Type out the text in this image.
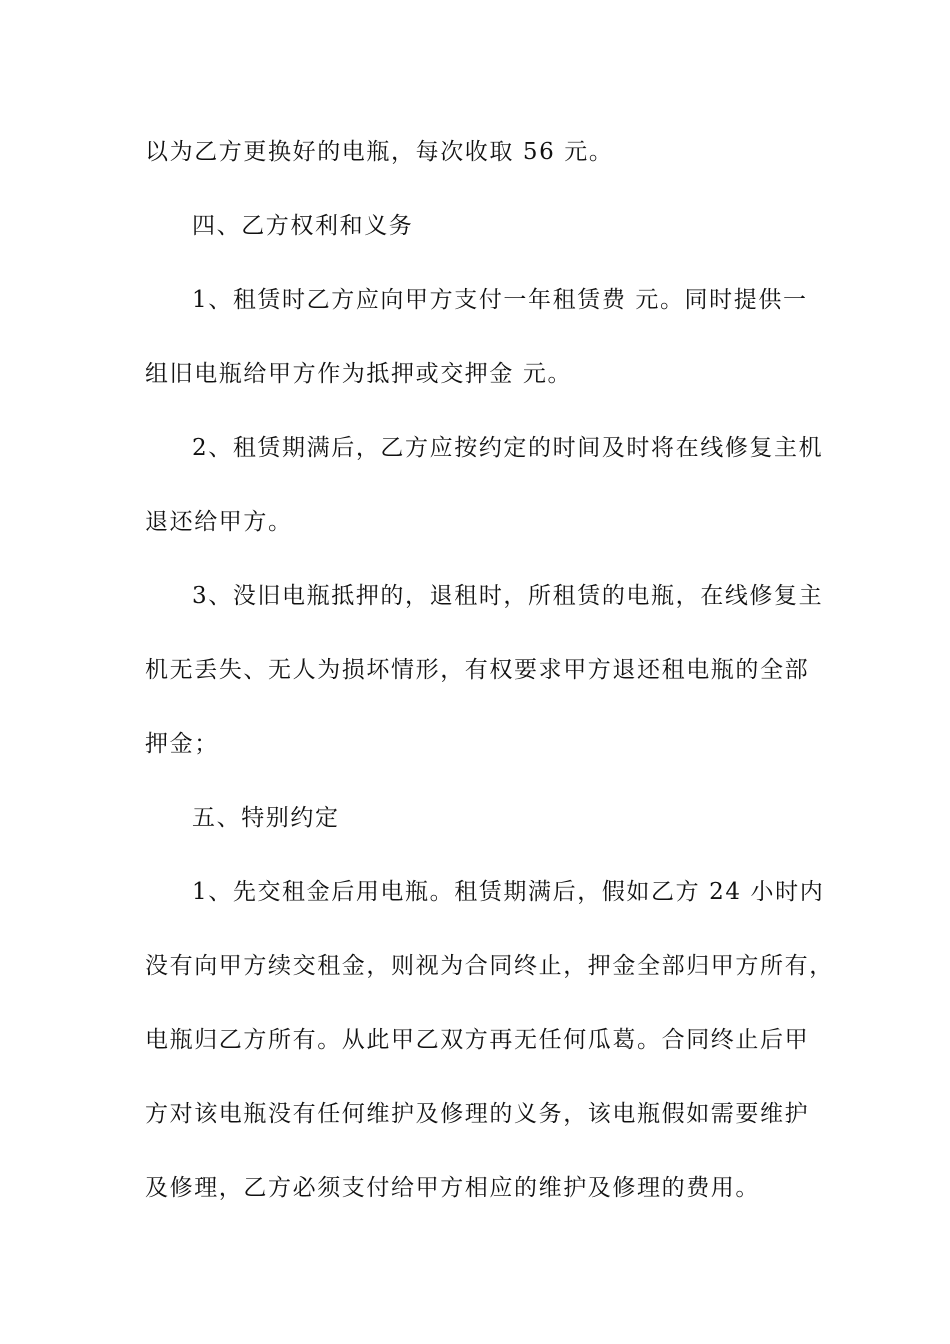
以为乙方更换好的电瓶，每次收取 56 元。
四、乙方权利和义务
1、租赁时乙方应向甲方支付一年租赁费 元。同时提供一
组旧电瓶给甲方作为抵押或交押金 元。
2、租赁期满后，乙方应按约定的时间及时将在线修复主机
退还给甲方。
3、没旧电瓶抵押的，退租时，所租赁的电瓶，在线修复主
机无丢失、无人为损坏情形，有权要求甲方退还租电瓶的全部
押金；
五、特别约定
1、先交租金后用电瓶。租赁期满后，假如乙方 24 小时内
没有向甲方续交租金，则视为合同终止，押金全部归甲方所有，
电瓶归乙方所有。从此甲乙双方再无任何瓜葛。合同终止后甲
方对该电瓶没有任何维护及修理的义务，该电瓶假如需要维护
及修理，乙方必须支付给甲方相应的维护及修理的费用。
